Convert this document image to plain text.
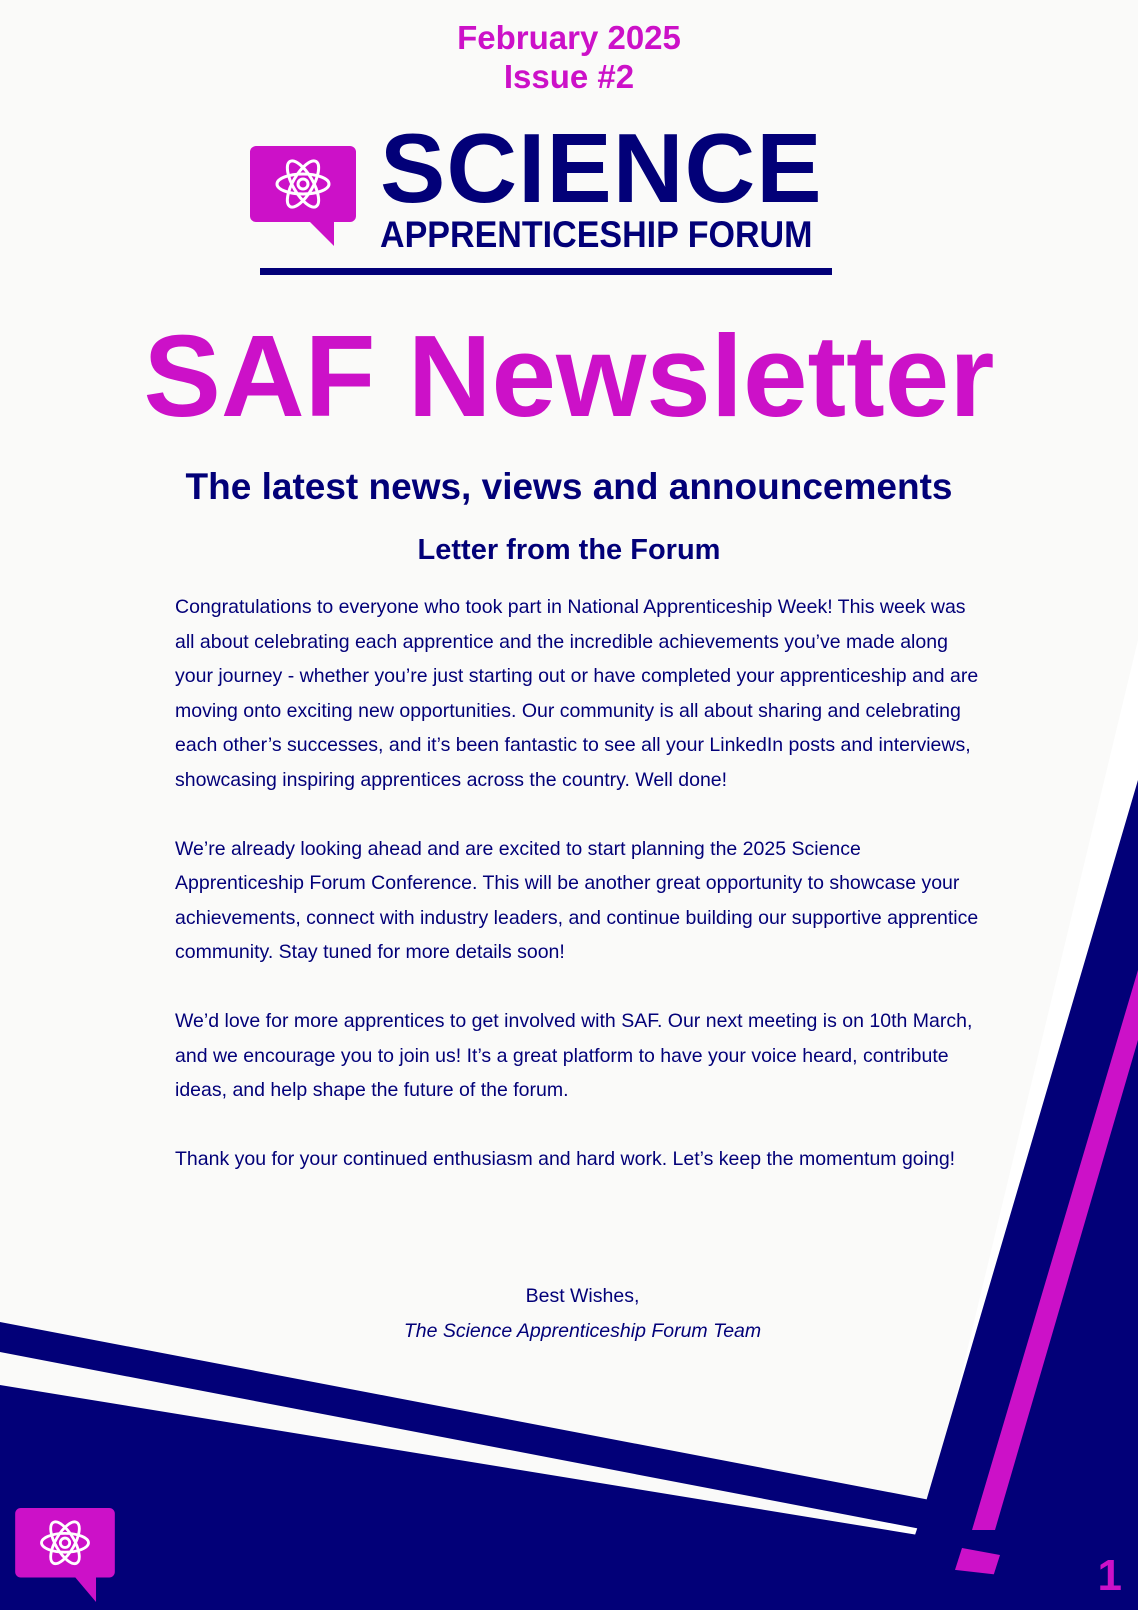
February 2025
Issue #2
SCIENCE
APPRENTICESHIP FORUM
SAF Newsletter
The latest news, views and announcements
Letter from the Forum

Congratulations to everyone who took part in National Apprenticeship Week! This week was all about celebrating each apprentice and the incredible achievements you’ve made along your journey - whether you’re just starting out or have completed your apprenticeship and are moving onto exciting new opportunities. Our community is all about sharing and celebrating each other’s successes, and it’s been fantastic to see all your LinkedIn posts and interviews, showcasing inspiring apprentices across the country. Well done!

We’re already looking ahead and are excited to start planning the 2025 Science Apprenticeship Forum Conference. This will be another great opportunity to showcase your achievements, connect with industry leaders, and continue building our supportive apprentice community. Stay tuned for more details soon!

We’d love for more apprentices to get involved with SAF. Our next meeting is on 10th March, and we encourage you to join us! It’s a great platform to have your voice heard, contribute ideas, and help shape the future of the forum.

Thank you for your continued enthusiasm and hard work. Let’s keep the momentum going!

Best Wishes,
The Science Apprenticeship Forum Team
1
